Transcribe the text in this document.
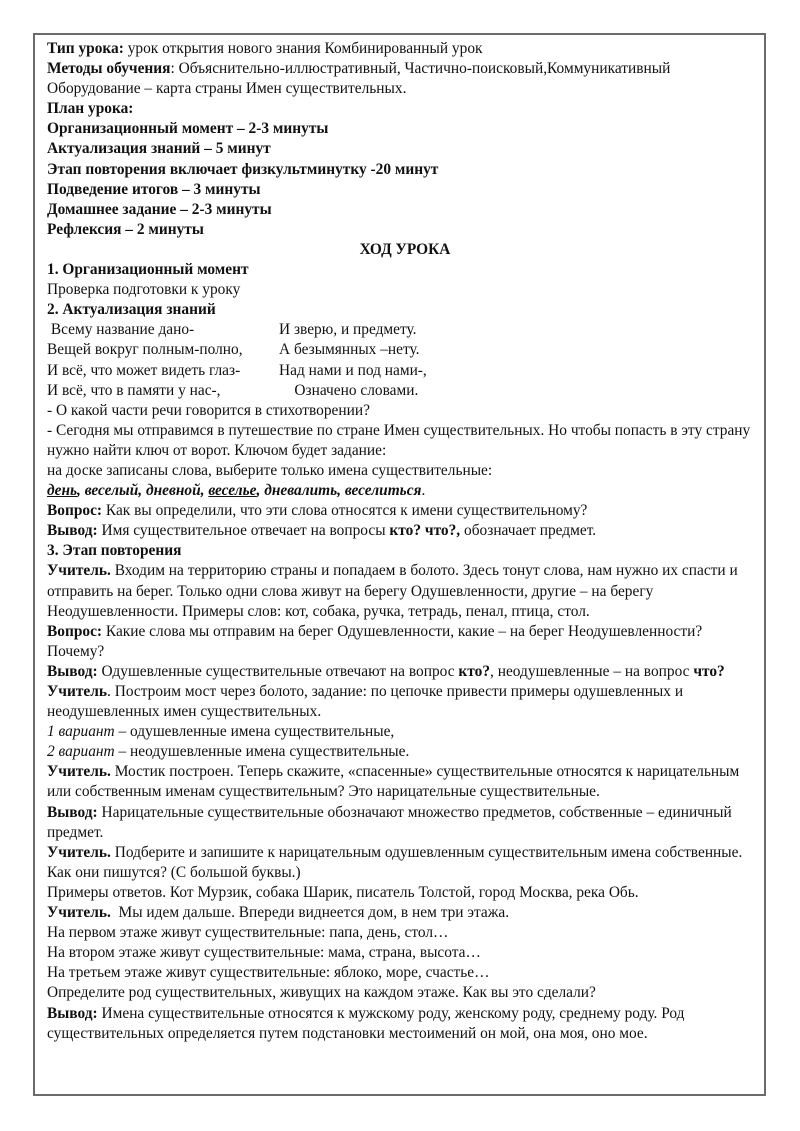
Тип урока: урок открытия нового знания Комбинированный урок

Методы обучения: Объяснительно-иллюстративный, Частично-поисковый,Коммуникативный

Оборудование – карта страны Имен существительных.

План урока:

Организационный момент – 2-3 минуты

Актуализация знаний – 5 минут

Этап повторения включает физкультминутку -20 минут

Подведение итогов – 3 минуты

Домашнее задание – 2-3 минуты

Рефлексия – 2 минуты

ХОД УРОКА

1. Организационный момент

Проверка подготовки к уроку

2. Актуализация знаний

Всему название дано-	И зверю, и предмету.
Вещей вокруг полным-полно,	А безымянных –нету.
И всё, что может видеть глаз-	Над нами и под нами-,
И всё, что в памяти у нас-,	Означено словами.

- О какой части речи говорится в стихотворении?

- Сегодня мы отправимся в путешествие по стране Имен существительных. Но чтобы попасть в эту страну нужно найти ключ от ворот. Ключом будет задание:

на доске записаны слова, выберите только имена существительные:

день, веселый, дневной, веселье, дневалить, веселиться.

Вопрос: Как вы определили, что эти слова относятся к имени существительному?

Вывод: Имя существительное отвечает на вопросы кто? что?, обозначает предмет.

3. Этап повторения

Учитель. Входим на территорию страны и попадаем в болото. Здесь тонут слова, нам нужно их спасти и отправить на берег. Только одни слова живут на берегу Одушевленности, другие – на берегу Неодушевленности. Примеры слов: кот, собака, ручка, тетрадь, пенал, птица, стол.

Вопрос: Какие слова мы отправим на берег Одушевленности, какие – на берег Неодушевленности? Почему?

Вывод: Одушевленные существительные отвечают на вопрос кто?, неодушевленные – на вопрос что?

Учитель. Построим мост через болото, задание: по цепочке привести примеры одушевленных и неодушевленных имен существительных.

1 вариант – одушевленные имена существительные,

2 вариант – неодушевленные имена существительные.

Учитель. Мостик построен. Теперь скажите, «спасенные» существительные относятся к нарицательным или собственным именам существительным? Это нарицательные существительные.

Вывод: Нарицательные существительные обозначают множество предметов, собственные – единичный предмет.

Учитель. Подберите и запишите к нарицательным одушевленным существительным имена собственные. Как они пишутся? (С большой буквы.)

Примеры ответов. Кот Мурзик, собака Шарик, писатель Толстой, город Москва, река Обь.

Учитель.  Мы идем дальше. Впереди виднеется дом, в нем три этажа.

На первом этаже живут существительные: папа, день, стол…

На втором этаже живут существительные: мама, страна, высота…

На третьем этаже живут существительные: яблоко, море, счастье…

Определите род существительных, живущих на каждом этаже. Как вы это сделали?

Вывод: Имена существительные относятся к мужскому роду, женскому роду, среднему роду. Род существительных определяется путем подстановки местоимений он мой, она моя, оно мое.
